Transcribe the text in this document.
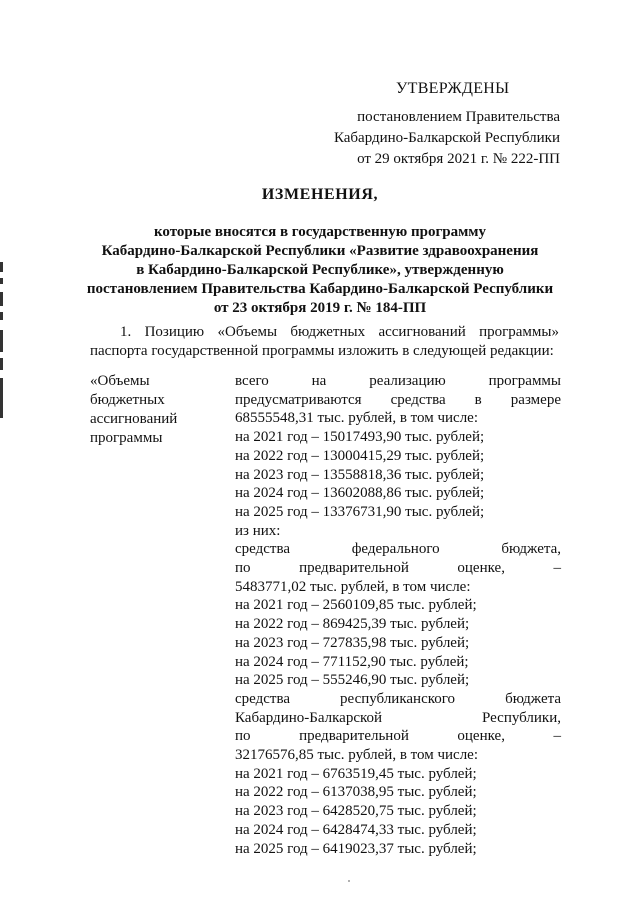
УТВЕРЖДЕНЫ
постановлением Правительства
Кабардино-Балкарской Республики
от 29 октября 2021 г. № 222-ПП
ИЗМЕНЕНИЯ,
которые вносятся в государственную программу
Кабардино-Балкарской Республики «Развитие здравоохранения
в Кабардино-Балкарской Республике», утвержденную
постановлением Правительства Кабардино-Балкарской Республики
от 23 октября 2019 г. № 184-ПП
1. Позицию «Объемы бюджетных ассигнований программы»
паспорта государственной программы изложить в следующей редакции:
«Объемы
бюджетных
ассигнований
программы
всего на реализацию программы
предусматриваются средства в размере
68555548,31 тыс. рублей, в том числе:
на 2021 год – 15017493,90 тыс. рублей;
на 2022 год – 13000415,29 тыс. рублей;
на 2023 год – 13558818,36 тыс. рублей;
на 2024 год – 13602088,86 тыс. рублей;
на 2025 год – 13376731,90 тыс. рублей;
из них:
средства федерального бюджета,
по предварительной оценке, –
5483771,02 тыс. рублей, в том числе:
на 2021 год – 2560109,85 тыс. рублей;
на 2022 год – 869425,39 тыс. рублей;
на 2023 год – 727835,98 тыс. рублей;
на 2024 год – 771152,90 тыс. рублей;
на 2025 год – 555246,90 тыс. рублей;
средства республиканского бюджета
Кабардино-Балкарской Республики,
по предварительной оценке, –
32176576,85 тыс. рублей, в том числе:
на 2021 год – 6763519,45 тыс. рублей;
на 2022 год – 6137038,95 тыс. рублей;
на 2023 год – 6428520,75 тыс. рублей;
на 2024 год – 6428474,33 тыс. рублей;
на 2025 год – 6419023,37 тыс. рублей;
